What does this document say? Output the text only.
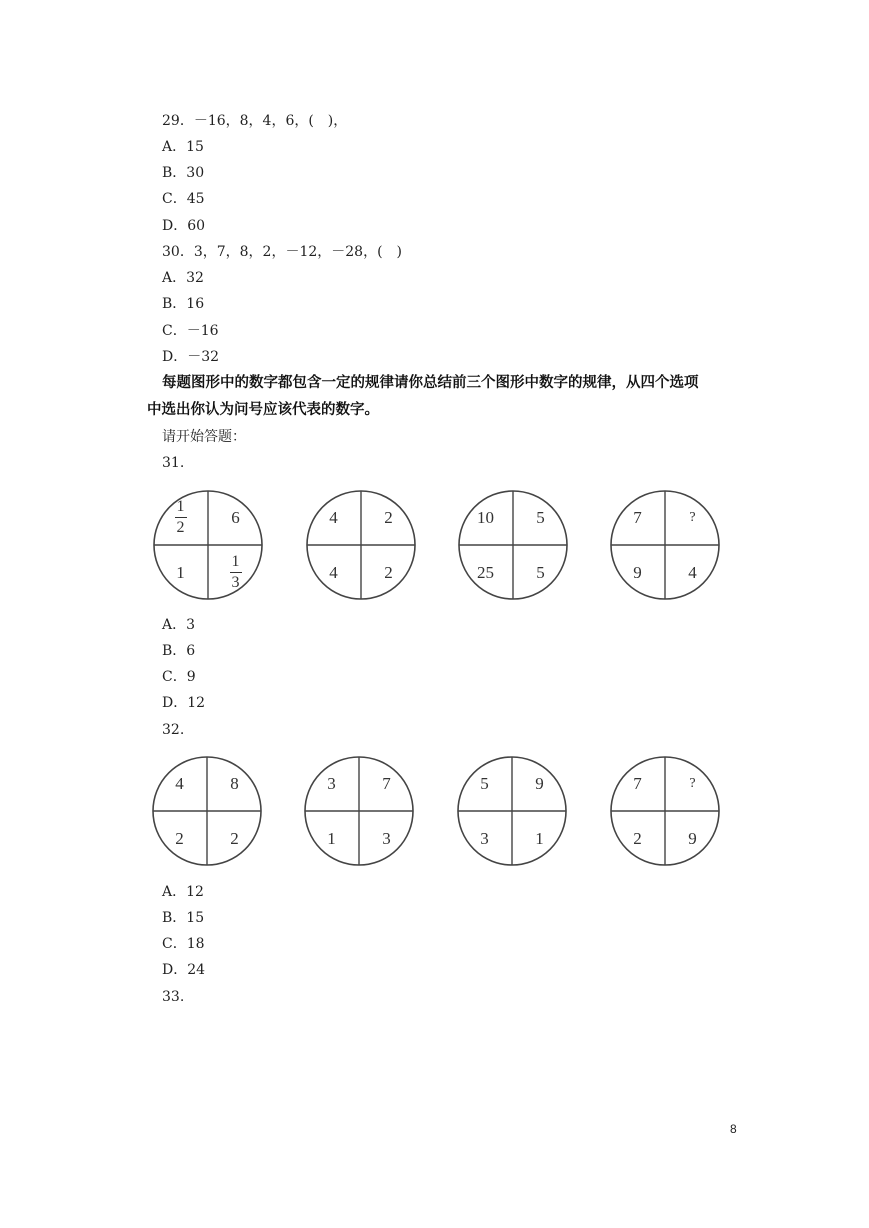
29．－16，8，4，6，(　)，
A．15
B．30
C．45
D．60
30．3，7，8，2，－12，－28，(　)
A．32
B．16
C．－16
D．－32
每题图形中的数字都包含一定的规律请你总结前三个图形中数字的规律，从四个选项
中选出你认为问号应该代表的数字。
请开始答题：
31.
$\frac{1}{2}$	6
1	$\frac{1}{3}$
4	2
4	2
10	5
25	5
7	?
9	4
A．3
B．6
C．9
D．12
32.
4	8
2	2
3	7
1	3
5	9
3	1
7	?
2	9
A．12
B．15
C．18
D．24
33.
8
